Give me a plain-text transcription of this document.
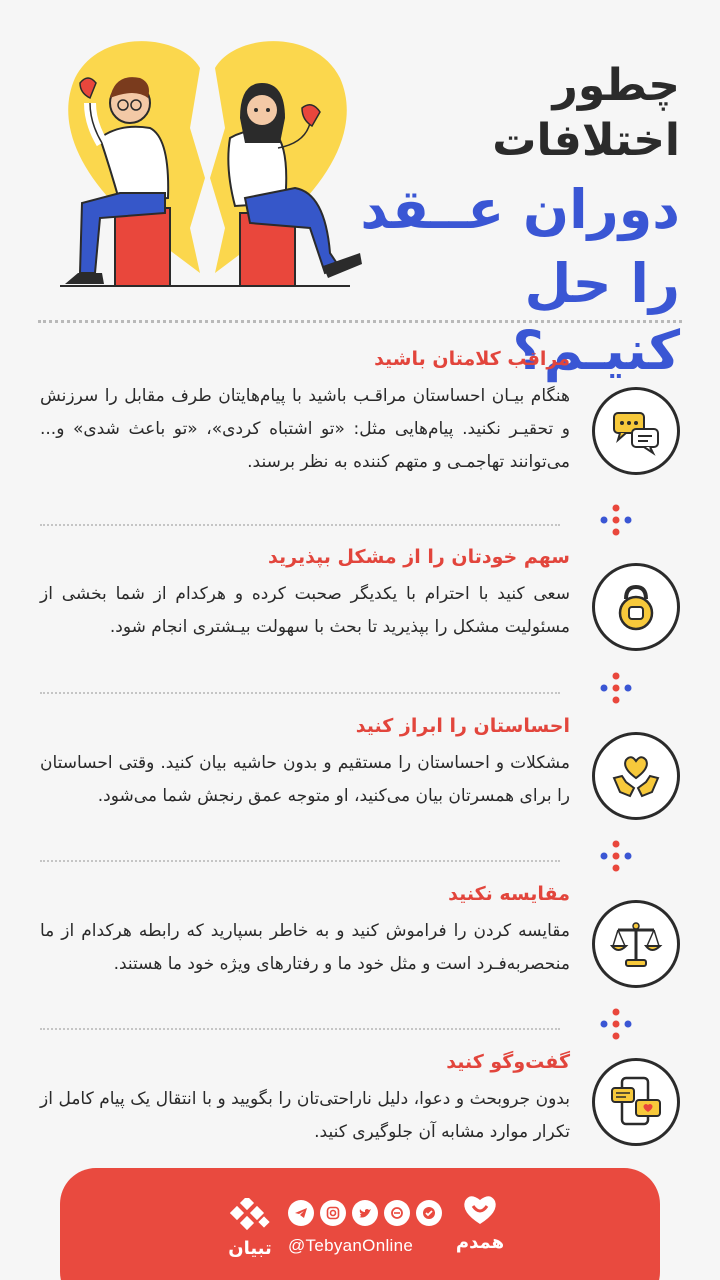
چطور اختلافات
دوران عــقد
را حل کنیـم؟
مراقب کلامتان باشید

هنگام بیـان احساستان مراقـب باشید با پیام‌هایتان طرف مقابل را سرزنش و تحقیـر نکنید. پیام‌هایی مثل: «تو اشتباه کردی»، «تو باعث شدی» و... می‌توانند تهاجمـی و متهم کننده به نظر برسند.

سهم خودتان را از مشکل بپذیرید

سعی کنید با احترام با یکدیگر صحبت کرده و هرکدام از شما بخشی از مسئولیت مشکل را بپذیرید تا بحث با سهولت بیـشتری انجام شود.

احساستان را ابراز کنید

مشکلات و احساستان را مستقیم و بدون حاشیه بیان کنید. وقتی احساستان را برای همسرتان بیان می‌کنید، او متوجه عمق رنجش شما می‌شود.

مقایسه نکنید

مقایسه کردن را فراموش کنید و به خاطر بسپارید که رابطه هرکدام از ما منحصربه‌فـرد است و مثل خود ما و رفتارهای ویژه خود ما هستند.

گفت‌وگو کنید

بدون جروبحث و دعوا، دلیل ناراحتی‌تان را بگویید و با انتقال یک پیام کامل از تکرار موارد مشابه آن جلوگیری کنید.

تبیان @TebyanOnline	همدم
